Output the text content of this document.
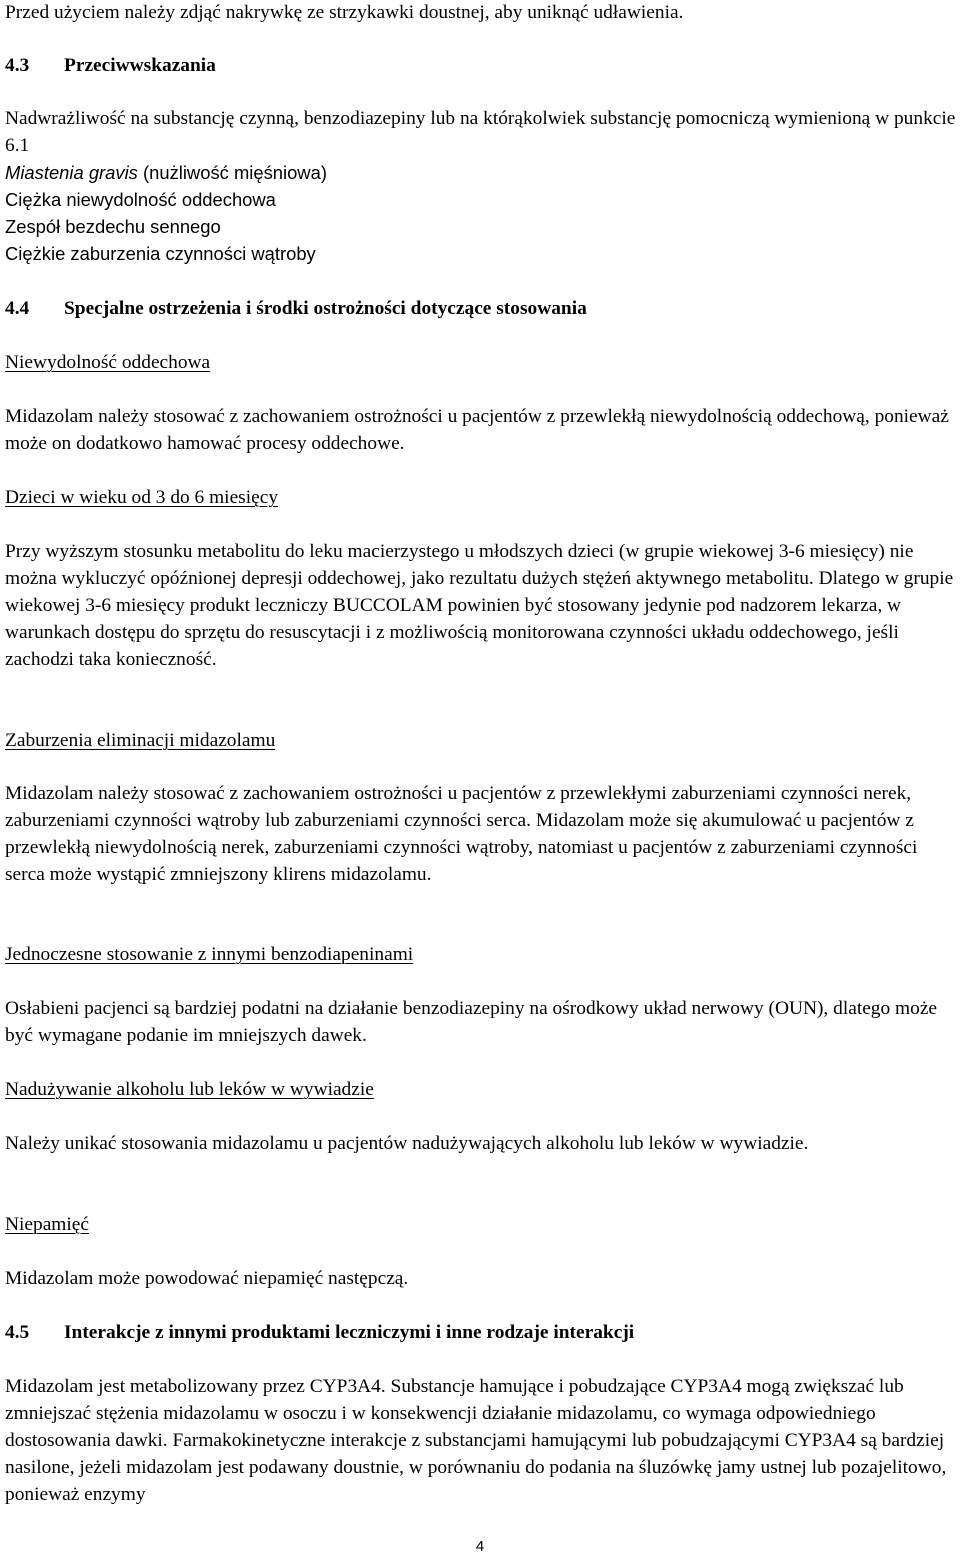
Przed użyciem należy zdjąć nakrywkę ze strzykawki doustnej, aby uniknąć udławienia.

4.3	Przeciwwskazania

Nadwrażliwość na substancję czynną, benzodiazepiny lub na którąkolwiek substancję pomocniczą wymienioną w punkcie 6.1

Miastenia gravis (nużliwość mięśniowa)

Ciężka niewydolność oddechowa

Zespół bezdechu sennego

Ciężkie zaburzenia czynności wątroby

4.4	Specjalne ostrzeżenia i środki ostrożności dotyczące stosowania

Niewydolność oddechowa

Midazolam należy stosować z zachowaniem ostrożności u pacjentów z przewlekłą niewydolnością oddechową, ponieważ może on dodatkowo hamować procesy oddechowe.

Dzieci w wieku od 3 do 6 miesięcy

Przy wyższym stosunku metabolitu do leku macierzystego u młodszych dzieci (w grupie wiekowej 3-6 miesięcy) nie można wykluczyć opóźnionej depresji oddechowej, jako rezultatu dużych stężeń aktywnego metabolitu. Dlatego w grupie wiekowej 3-6 miesięcy produkt leczniczy BUCCOLAM powinien być stosowany jedynie pod nadzorem lekarza, w warunkach dostępu do sprzętu do resuscytacji i z możliwością monitorowana czynności układu oddechowego, jeśli zachodzi taka konieczność.

Zaburzenia eliminacji midazolamu

Midazolam należy stosować z zachowaniem ostrożności u pacjentów z przewlekłymi zaburzeniami czynności nerek, zaburzeniami czynności wątroby lub zaburzeniami czynności serca. Midazolam może się akumulować u pacjentów z przewlekłą niewydolnością nerek, zaburzeniami czynności wątroby, natomiast u pacjentów z zaburzeniami czynności serca może wystąpić zmniejszony klirens midazolamu.

Jednoczesne stosowanie z innymi benzodiapeninami

Osłabieni pacjenci są bardziej podatni na działanie benzodiazepiny na ośrodkowy układ nerwowy (OUN), dlatego może być wymagane podanie im mniejszych dawek.

Nadużywanie alkoholu lub leków w wywiadzie

Należy unikać stosowania midazolamu u pacjentów nadużywających alkoholu lub leków w wywiadzie.

Niepamięć

Midazolam może powodować niepamięć następczą.

4.5	Interakcje z innymi produktami leczniczymi i inne rodzaje interakcji

Midazolam jest metabolizowany przez CYP3A4. Substancje hamujące i pobudzające CYP3A4 mogą zwiększać lub zmniejszać stężenia midazolamu w osoczu i w konsekwencji działanie midazolamu, co wymaga odpowiedniego dostosowania dawki. Farmakokinetyczne interakcje z substancjami hamującymi lub pobudzającymi CYP3A4 są bardziej nasilone, jeżeli midazolam jest podawany doustnie, w porównaniu do podania na śluzówkę jamy ustnej lub pozajelitowo, ponieważ enzymy

4
